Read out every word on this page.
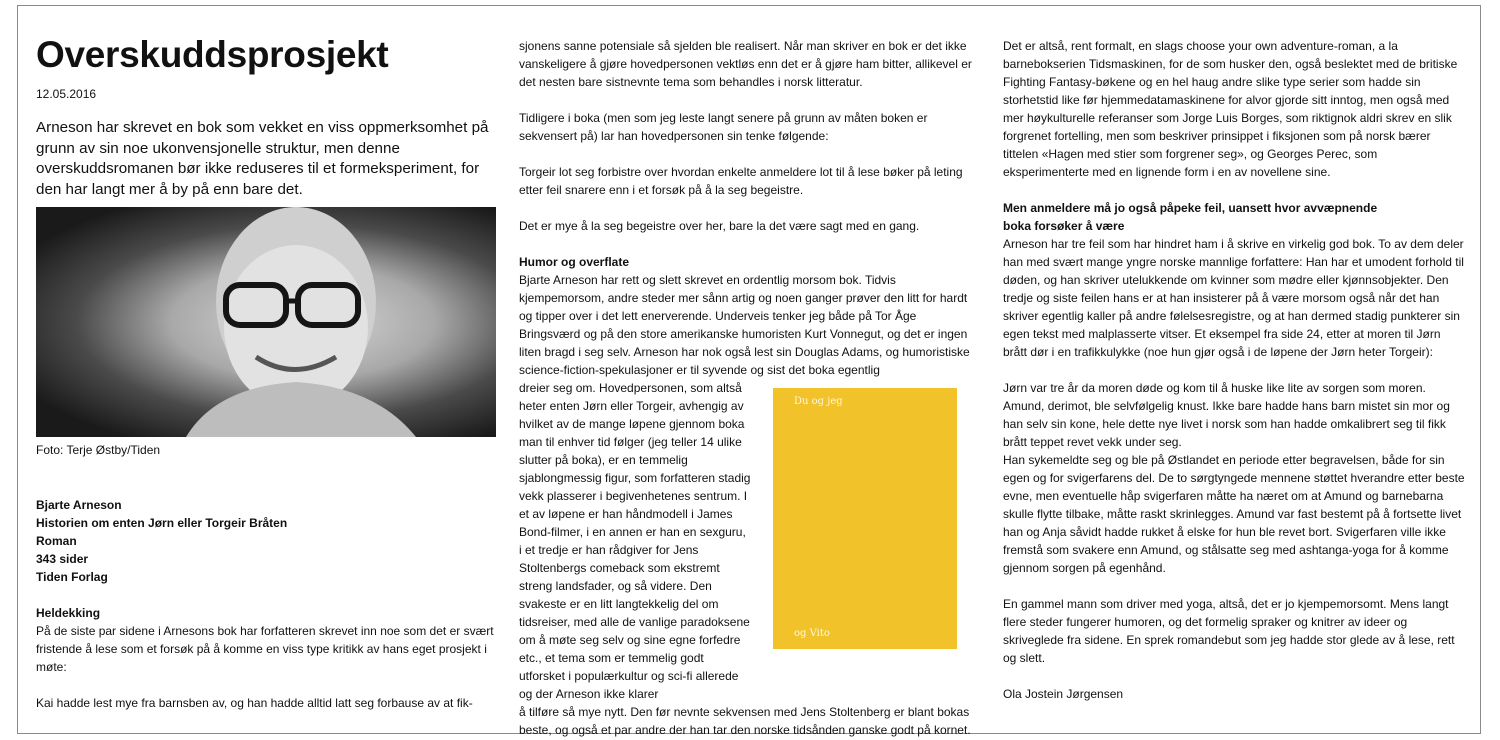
Overskuddsprosjekt
12.05.2016

Arneson har skrevet en bok som vekket en viss oppmerksomhet på grunn av sin noe ukonvensjonelle struktur, men denne overskuddsromanen bør ikke reduseres til et formeksperiment, for den har langt mer å by på enn bare det.

Foto: Terje Østby/Tiden
Bjarte Arneson
Historien om enten Jørn eller Torgeir Bråten
Roman
343 sider
Tiden Forlag
Heldekking

På de siste par sidene i Arnesons bok har forfatteren skrevet inn noe som det er svært fristende å lese som et forsøk på å komme en viss type kritikk av hans eget prosjekt i møte:

Kai hadde lest mye fra barnsben av, og han hadde alltid latt seg forbause av at fik-

sjonens sanne potensiale så sjelden ble realisert. Når man skriver en bok er det ikke vanskeligere å gjøre hovedpersonen vektløs enn det er å gjøre ham bitter, allikevel er det nesten bare sistnevnte tema som behandles i norsk litteratur.

Tidligere i boka (men som jeg leste langt senere på grunn av måten boken er sekvensert på) lar han hovedpersonen sin tenke følgende:

Torgeir lot seg forbistre over hvordan enkelte anmeldere lot til å lese bøker på leting etter feil snarere enn i et forsøk på å la seg begeistre.

Det er mye å la seg begeistre over her, bare la det være sagt med en gang.

Humor og overflate

Bjarte Arneson har rett og slett skrevet en ordentlig morsom bok. Tidvis kjempemorsom, andre steder mer sånn artig og noen ganger prøver den litt for hardt og tipper over i det lett enerverende. Underveis tenker jeg både på Tor Åge Bringsværd og på den store amerikanske humoristen Kurt Vonnegut, og det er ingen liten bragd i seg selv. Arneson har nok også lest sin Douglas Adams, og humoristiske science-fiction-spekulasjoner er til syvende og sist det boka egentlig

dreier seg om. Hovedpersonen, som altså heter enten Jørn eller Torgeir, avhengig av hvilket av de mange løpene gjennom boka man til enhver tid følger (jeg teller 14 ulike slutter på boka), er en temmelig sjablongmessig figur, som forfatteren stadig vekk plasserer i begivenhetenes sentrum. I et av løpene er han håndmodell i James Bond-filmer, i en annen er han en sexguru, i et tredje er han rådgiver for Jens Stoltenbergs comeback som ekstremt streng landsfader, og så videre. Den svakeste er en litt langtekkelig del om tidsreiser, med alle de vanlige paradoksene om å møte seg selv og sine egne forfedre etc., et tema som er temmelig godt utforsket i populærkultur og sci-fi allerede og der Arneson ikke klarer

å tilføre så mye nytt. Den før nevnte sekvensen med Jens Stoltenberg er blant bokas beste, og også et par andre der han tar den norske tidsånden ganske godt på kornet.

Du og jeg
og Vito

Det er altså, rent formalt, en slags choose your own adventure-roman, a la barnebokserien Tidsmaskinen, for de som husker den, også beslektet med de britiske Fighting Fantasy-bøkene og en hel haug andre slike type serier som hadde sin storhetstid like før hjemmedatamaskinene for alvor gjorde sitt inntog, men også med mer høykulturelle referanser som Jorge Luis Borges, som riktignok aldri skrev en slik forgrenet fortelling, men som beskriver prinsippet i fiksjonen som på norsk bærer tittelen «Hagen med stier som forgrener seg», og Georges Perec, som eksperimenterte med en lignende form i en av novellene sine.

Men anmeldere må jo også påpeke feil, uansett hvor avvæpnende boka forsøker å være

Arneson har tre feil som har hindret ham i å skrive en virkelig god bok. To av dem deler han med svært mange yngre norske mannlige forfattere: Han har et umodent forhold til døden, og han skriver utelukkende om kvinner som mødre eller kjønnsobjekter. Den tredje og siste feilen hans er at han insisterer på å være morsom også når det han skriver egentlig kaller på andre følelsesregistre, og at han dermed stadig punkterer sin egen tekst med malplasserte vitser. Et eksempel fra side 24, etter at moren til Jørn brått dør i en trafikkulykke (noe hun gjør også i de løpene der Jørn heter Torgeir):

Jørn var tre år da moren døde og kom til å huske like lite av sorgen som moren. Amund, derimot, ble selvfølgelig knust. Ikke bare hadde hans barn mistet sin mor og han selv sin kone, hele dette nye livet i norsk som han hadde omkalibrert seg til fikk brått teppet revet vekk under seg.

Han sykemeldte seg og ble på Østlandet en periode etter begravelsen, både for sin egen og for svigerfarens del. De to sørgtyngede mennene støttet hverandre etter beste evne, men eventuelle håp svigerfaren måtte ha næret om at Amund og barnebarna skulle flytte tilbake, måtte raskt skrinlegges. Amund var fast bestemt på å fortsette livet han og Anja såvidt hadde rukket å elske for hun ble revet bort. Svigerfaren ville ikke fremstå som svakere enn Amund, og stålsatte seg med ashtanga-yoga for å komme gjennom sorgen på egenhånd.

En gammel mann som driver med yoga, altså, det er jo kjempemorsomt. Mens langt flere steder fungerer humoren, og det formelig spraker og knitrer av ideer og skriveglede fra sidene. En sprek romandebut som jeg hadde stor glede av å lese, rett og slett.

Ola Jostein Jørgensen
